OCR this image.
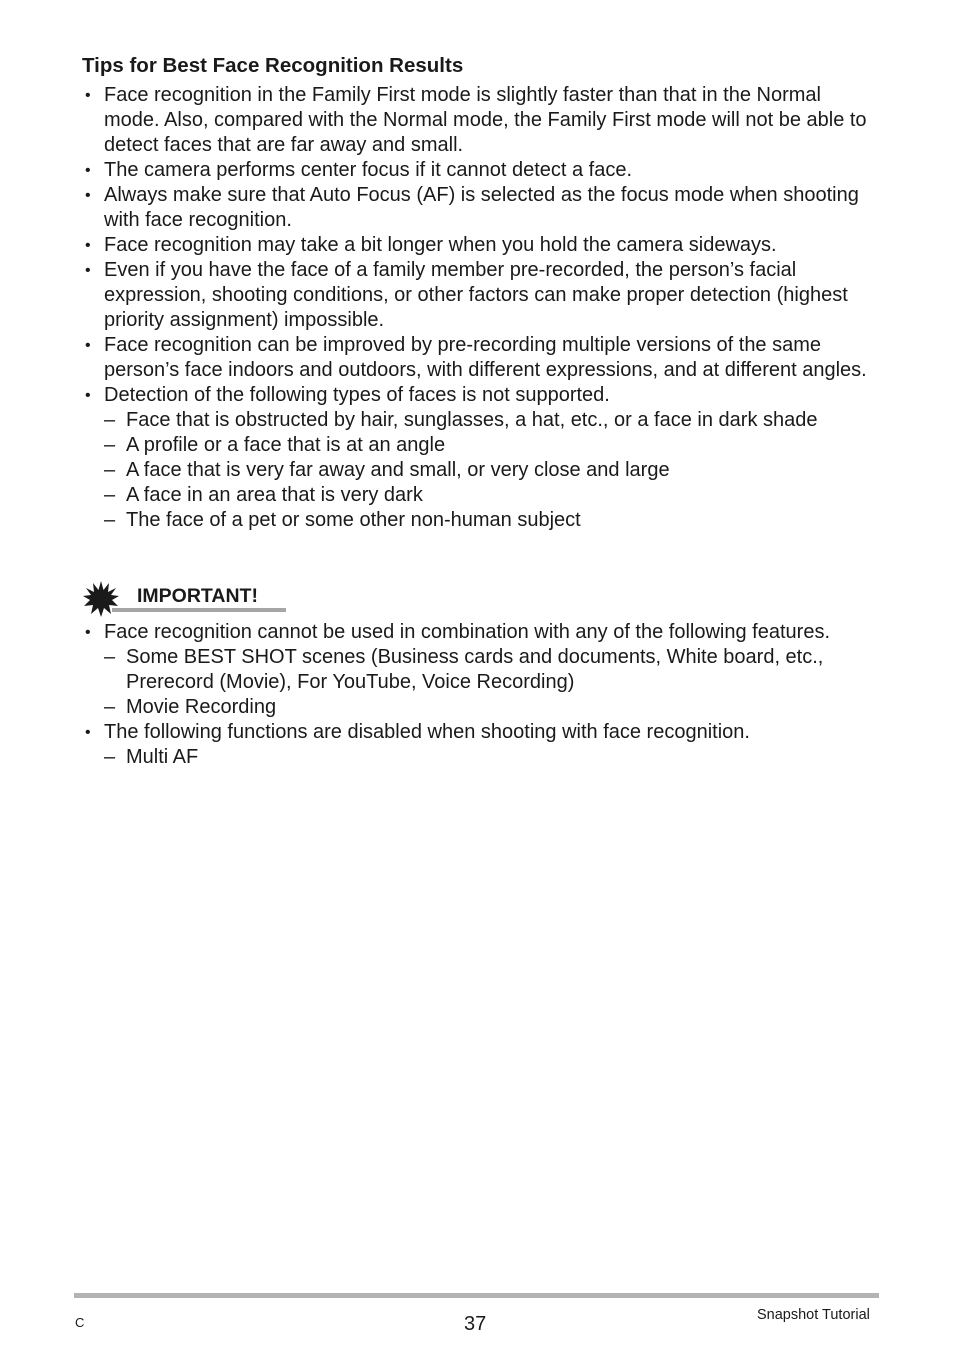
Tips for Best Face Recognition Results
• Face recognition in the Family First mode is slightly faster than that in the Normal mode. Also, compared with the Normal mode, the Family First mode will not be able to detect faces that are far away and small.
• The camera performs center focus if it cannot detect a face.
• Always make sure that Auto Focus (AF) is selected as the focus mode when shooting with face recognition.
• Face recognition may take a bit longer when you hold the camera sideways.
• Even if you have the face of a family member pre-recorded, the person’s facial expression, shooting conditions, or other factors can make proper detection (highest priority assignment) impossible.
• Face recognition can be improved by pre-recording multiple versions of the same person’s face indoors and outdoors, with different expressions, and at different angles.
• Detection of the following types of faces is not supported.
– Face that is obstructed by hair, sunglasses, a hat, etc., or a face in dark shade
– A profile or a face that is at an angle
– A face that is very far away and small, or very close and large
– A face in an area that is very dark
– The face of a pet or some other non-human subject
IMPORTANT!
• Face recognition cannot be used in combination with any of the following features.
– Some BEST SHOT scenes (Business cards and documents, White board, etc., Prerecord (Movie), For YouTube, Voice Recording)
– Movie Recording
• The following functions are disabled when shooting with face recognition.
– Multi AF
C	37	Snapshot Tutorial
